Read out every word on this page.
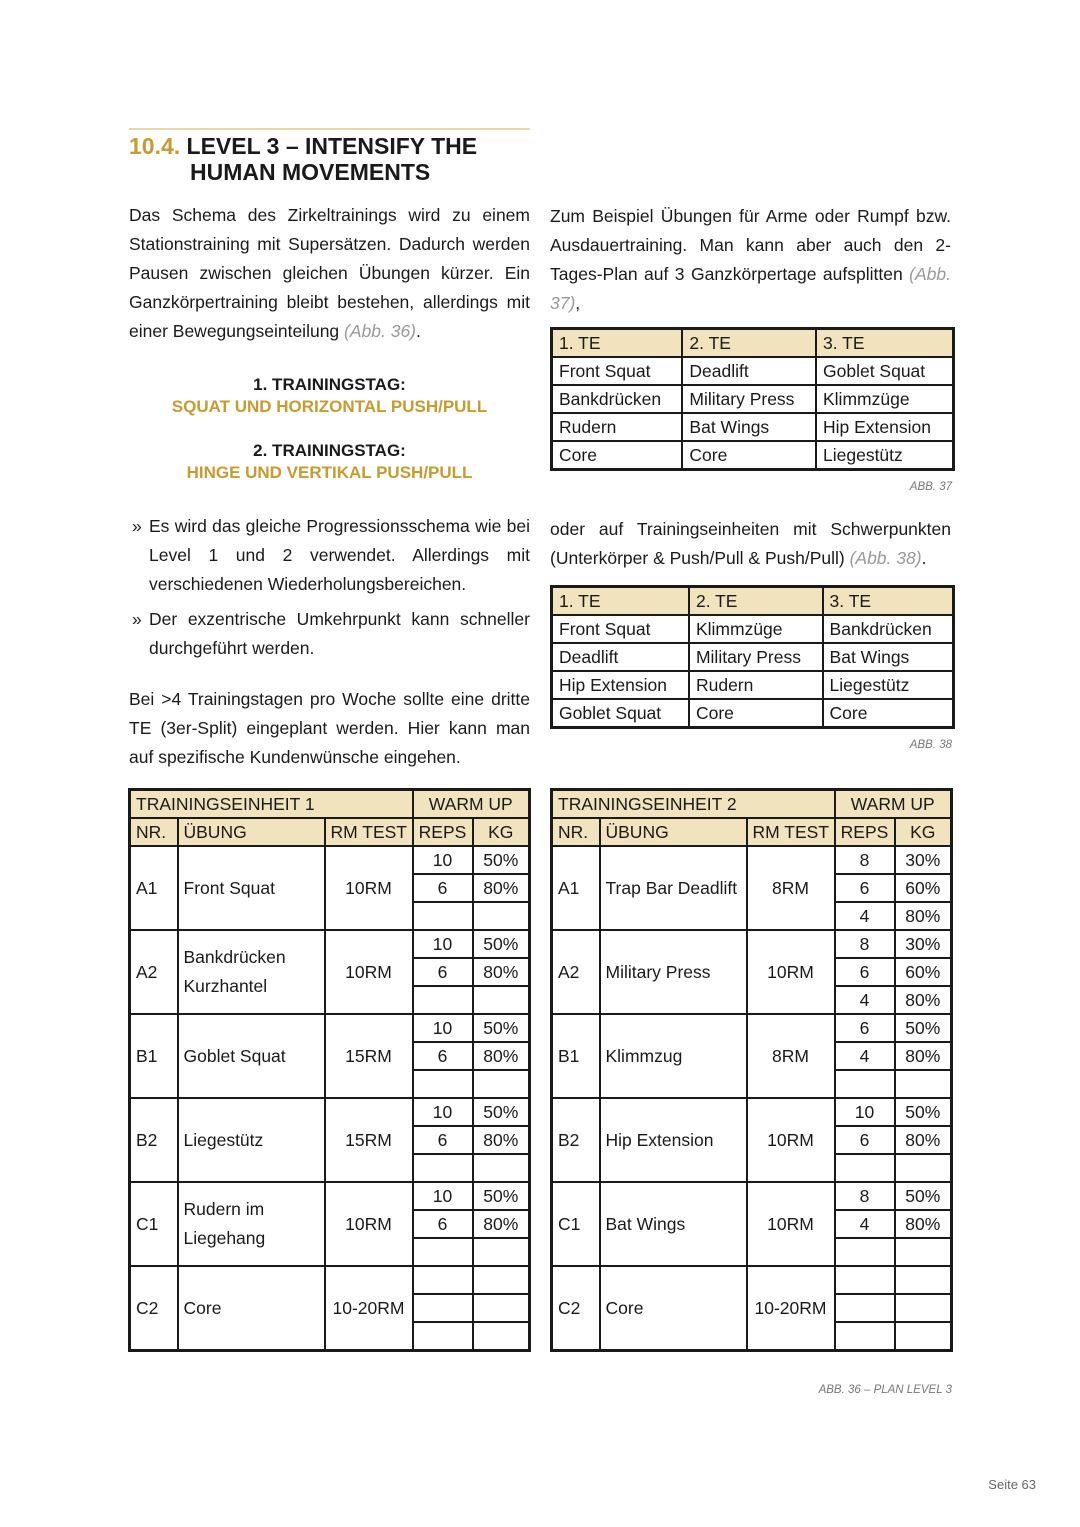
10.4. LEVEL 3 – INTENSIFY THE
HUMAN MOVEMENTS
Das Schema des Zirkeltrainings wird zu einem Stationstraining mit Supersätzen. Dadurch werden Pausen zwischen gleichen Übungen kürzer. Ein Ganzkörpertraining bleibt bestehen, allerdings mit einer Bewegungseinteilung (Abb. 36).
1. TRAININGSTAG:
SQUAT UND HORIZONTAL PUSH/PULL
2. TRAININGSTAG:
HINGE UND VERTIKAL PUSH/PULL
» Es wird das gleiche Progressionsschema wie bei Level 1 und 2 verwendet. Allerdings mit verschiedenen Wiederholungsbereichen.
» Der exzentrische Umkehrpunkt kann schneller durchgeführt werden.
Bei >4 Trainingstagen pro Woche sollte eine dritte TE (3er-Split) eingeplant werden. Hier kann man auf spezifische Kundenwünsche eingehen.
Zum Beispiel Übungen für Arme oder Rumpf bzw. Ausdauertraining. Man kann aber auch den 2-Tages-Plan auf 3 Ganzkörpertage aufsplitten (Abb. 37),
1. TE	2. TE	3. TE
Front Squat	Deadlift	Goblet Squat
Bankdrücken	Military Press	Klimmzüge
Rudern	Bat Wings	Hip Extension
Core	Core	Liegestütz
ABB. 37
oder auf Trainingseinheiten mit Schwerpunkten (Unterkörper & Push/Pull & Push/Pull) (Abb. 38).
1. TE	2. TE	3. TE
Front Squat	Klimmzüge	Bankdrücken
Deadlift	Military Press	Bat Wings
Hip Extension	Rudern	Liegestütz
Goblet Squat	Core	Core
ABB. 38
TRAININGSEINHEIT 1			WARM UP	
NR.	ÜBUNG	RM TEST	REPS	KG
A1	Front Squat	10RM	10	50%
			6	80%

A2	Bankdrücken Kurzhantel	10RM	10	50%
			6	80%

B1	Goblet Squat	15RM	10	50%
			6	80%

B2	Liegestütz	15RM	10	50%
			6	80%

C1	Rudern im Liegehang	10RM	10	50%
			6	80%

C2	Core	10-20RM		

TRAININGSEINHEIT 2			WARM UP	
NR.	ÜBUNG	RM TEST	REPS	KG
A1	Trap Bar Deadlift	8RM	8	30%
			6	60%
			4	80%
A2	Military Press	10RM	8	30%
			6	60%
			4	80%
B1	Klimmzug	8RM	6	50%
			4	80%

B2	Hip Extension	10RM	10	50%
			6	80%

C1	Bat Wings	10RM	8	50%
			4	80%

C2	Core	10-20RM		

ABB. 36 – PLAN LEVEL 3
Seite 63
